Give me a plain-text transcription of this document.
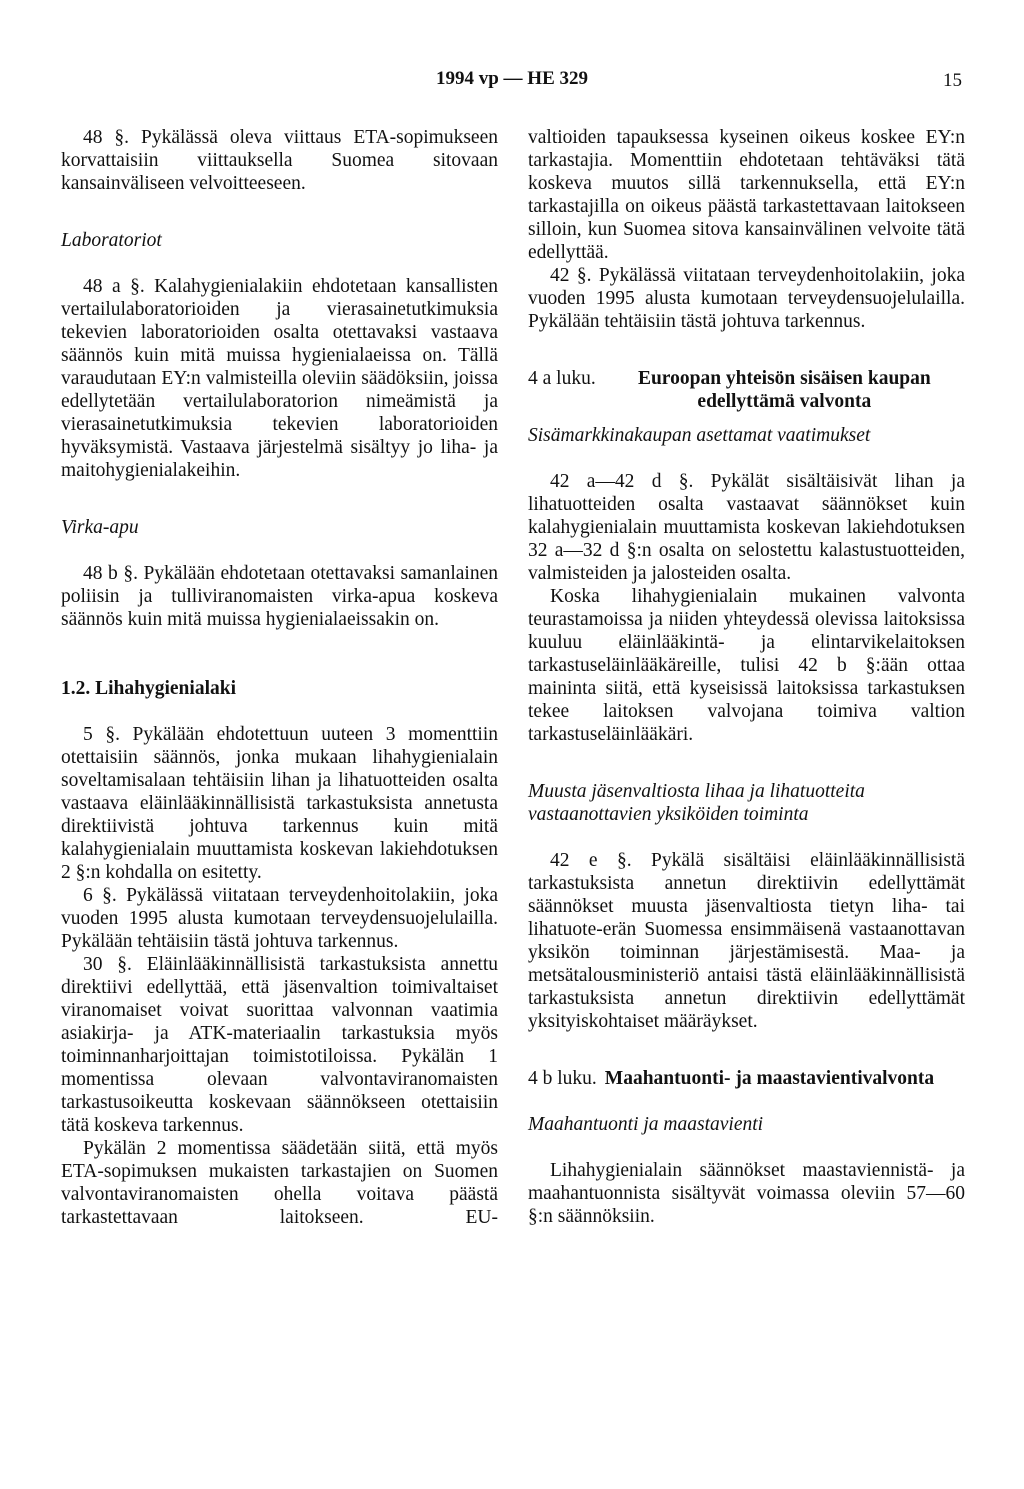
1994 vp — HE 329	15

48 §. Pykälässä oleva viittaus ETA-sopimukseen korvattaisiin viittauksella Suomea sitovaan kansainväliseen velvoitteeseen.

Laboratoriot

48 a §. Kalahygienialakiin ehdotetaan kansallisten vertailulaboratorioiden ja vierasainetutkimuksia tekevien laboratorioiden osalta otettavaksi vastaava säännös kuin mitä muissa hygienialaeissa on. Tällä varaudutaan EY:n valmisteilla oleviin säädöksiin, joissa edellytetään vertailulaboratorion nimeämistä ja vierasainetutkimuksia tekevien laboratorioiden hyväksymistä. Vastaava järjestelmä sisältyy jo liha- ja maitohygienialakeihin.

Virka-apu

48 b §. Pykälään ehdotetaan otettavaksi samanlainen poliisin ja tulliviranomaisten virka-apua koskeva säännös kuin mitä muissa hygienialaeissakin on.

1.2. Lihahygienialaki

5 §. Pykälään ehdotettuun uuteen 3 momenttiin otettaisiin säännös, jonka mukaan lihahygienialain soveltamisalaan tehtäisiin lihan ja lihatuotteiden osalta vastaava eläinlääkinnällisistä tarkastuksista annetusta direktiivistä johtuva tarkennus kuin mitä kalahygienialain muuttamista koskevan lakiehdotuksen 2 §:n kohdalla on esitetty.

6 §. Pykälässä viitataan terveydenhoitolakiin, joka vuoden 1995 alusta kumotaan terveydensuojelulailla. Pykälään tehtäisiin tästä johtuva tarkennus.

30 §. Eläinlääkinnällisistä tarkastuksista annettu direktiivi edellyttää, että jäsenvaltion toimivaltaiset viranomaiset voivat suorittaa valvonnan vaatimia asiakirja- ja ATK-materiaalin tarkastuksia myös toiminnanharjoittajan toimistotiloissa. Pykälän 1 momentissa olevaan valvontaviranomaisten tarkastusoikeutta koskevaan säännökseen otettaisiin tätä koskeva tarkennus.

Pykälän 2 momentissa säädetään siitä, että myös ETA-sopimuksen mukaisten tarkastajien on Suomen valvontaviranomaisten ohella voitava päästä tarkastettavaan laitokseen. EU-

valtioiden tapauksessa kyseinen oikeus koskee EY:n tarkastajia. Momenttiin ehdotetaan tehtäväksi tätä koskeva muutos sillä tarkennuksella, että EY:n tarkastajilla on oikeus päästä tarkastettavaan laitokseen silloin, kun Suomea sitova kansainvälinen velvoite tätä edellyttää.

42 §. Pykälässä viitataan terveydenhoitolakiin, joka vuoden 1995 alusta kumotaan terveydensuojelulailla. Pykälään tehtäisiin tästä johtuva tarkennus.

4 a luku.	Euroopan yhteisön sisäisen kaupan edellyttämä valvonta

Sisämarkkinakaupan asettamat vaatimukset

42 a—42 d §. Pykälät sisältäisivät lihan ja lihatuotteiden osalta vastaavat säännökset kuin kalahygienialain muuttamista koskevan lakiehdotuksen 32 a—32 d §:n osalta on selostettu kalastustuotteiden, valmisteiden ja jalosteiden osalta.

Koska lihahygienialain mukainen valvonta teurastamoissa ja niiden yhteydessä olevissa laitoksissa kuuluu eläinlääkintä- ja elintarvikelaitoksen tarkastuseläinlääkäreille, tulisi 42 b §:ään ottaa maininta siitä, että kyseisissä laitoksissa tarkastuksen tekee laitoksen valvojana toimiva valtion tarkastuseläinlääkäri.

Muusta jäsenvaltiosta lihaa ja lihatuotteita vastaanottavien yksiköiden toiminta

42 e §. Pykälä sisältäisi eläinlääkinnällisistä tarkastuksista annetun direktiivin edellyttämät säännökset muusta jäsenvaltiosta tietyn liha- tai lihatuote-erän Suomessa ensimmäisenä vastaanottavan yksikön toiminnan järjestämisestä. Maa- ja metsätalousministeriö antaisi tästä eläinlääkinnällisistä tarkastuksista annetun direktiivin edellyttämät yksityiskohtaiset määräykset.

4 b luku. Maahantuonti- ja maastavientivalvonta

Maahantuonti ja maastavienti

Lihahygienialain säännökset maastaviennistä- ja maahantuonnista sisältyvät voimassa oleviin 57—60 §:n säännöksiin.
